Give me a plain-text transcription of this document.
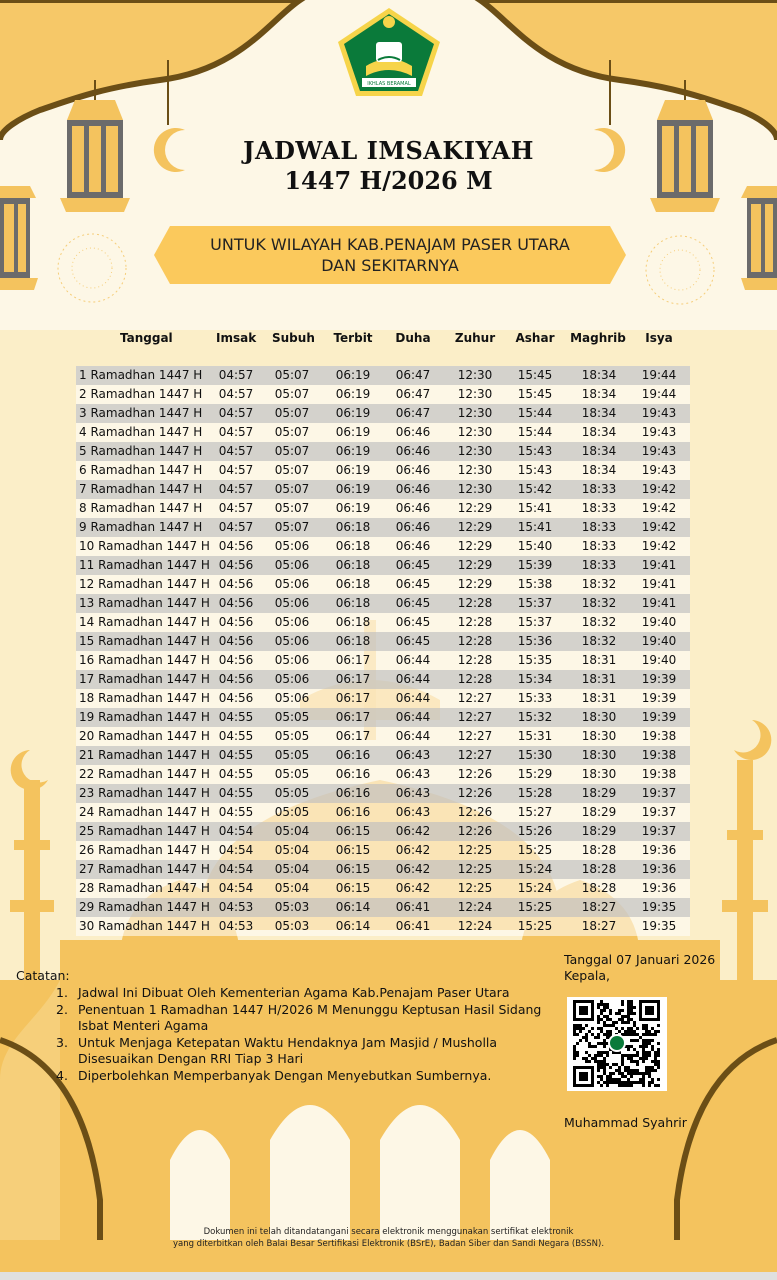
IKHLAS BERAMAL
JADWAL IMSAKIYAH
1447 H/2026 M
UNTUK WILAYAH KAB.PENAJAM PASER UTARA DAN SEKITARNYA
Tanggal	Imsak Subuh Terbit Duha Zuhur Ashar Maghrib	Isya
1 Ramadhan 1447 H 04:57 05:07	06:19	06:47	12:30	15:45	18:34	19:44
2 Ramadhan 1447 H 04:57 05:07	06:19	06:47	12:30	15:45	18:34	19:44
3 Ramadhan 1447 H 04:57 05:07	06:19	06:47	12:30	15:44	18:34	19:43
4 Ramadhan 1447 H 04:57 05:07	06:19	06:46	12:30	15:44	18:34	19:43
5 Ramadhan 1447 H 04:57 05:07	06:19	06:46	12:30	15:43	18:34	19:43
6 Ramadhan 1447 H 04:57 05:07	06:19	06:46	12:30	15:43	18:34	19:43
7 Ramadhan 1447 H 04:57 05:07	06:19	06:46	12:30	15:42	18:33	19:42
8 Ramadhan 1447 H 04:57 05:07	06:19	06:46	12:29	15:41	18:33	19:42
9 Ramadhan 1447 H 04:57 05:07	06:18	06:46	12:29	15:41	18:33	19:42
10 Ramadhan 1447 H 04:56 05:06	06:18	06:46	12:29	15:40	18:33	19:42
11 Ramadhan 1447 H 04:56 05:06	06:18	06:45	12:29	15:39	18:33	19:41
12 Ramadhan 1447 H 04:56 05:06	06:18	06:45	12:29	15:38	18:32	19:41
13 Ramadhan 1447 H 04:56 05:06	06:18	06:45	12:28	15:37	18:32	19:41
14 Ramadhan 1447 H 04:56 05:06	06:18	06:45	12:28	15:37	18:32	19:40
15 Ramadhan 1447 H 04:56 05:06	06:18	06:45	12:28	15:36	18:32	19:40
16 Ramadhan 1447 H 04:56 05:06	06:17	06:44	12:28	15:35	18:31	19:40
17 Ramadhan 1447 H 04:56 05:06	06:17	06:44	12:28	15:34	18:31	19:39
18 Ramadhan 1447 H 04:56 05:06	06:17	06:44	12:27	15:33	18:31	19:39
19 Ramadhan 1447 H 04:55 05:05	06:17	06:44	12:27	15:32	18:30	19:39
20 Ramadhan 1447 H 04:55 05:05	06:17	06:44	12:27	15:31	18:30	19:38
21 Ramadhan 1447 H 04:55 05:05	06:16	06:43	12:27	15:30	18:30	19:38
22 Ramadhan 1447 H 04:55 05:05	06:16	06:43	12:26	15:29	18:30	19:38
23 Ramadhan 1447 H 04:55 05:05	06:16	06:43	12:26	15:28	18:29	19:37
24 Ramadhan 1447 H 04:55 05:05	06:16	06:43	12:26	15:27	18:29	19:37
25 Ramadhan 1447 H 04:54 05:04	06:15	06:42	12:26	15:26	18:29	19:37
26 Ramadhan 1447 H 04:54 05:04	06:15	06:42	12:25	15:25	18:28	19:36
27 Ramadhan 1447 H 04:54 05:04	06:15	06:42	12:25	15:24	18:28	19:36
28 Ramadhan 1447 H 04:54 05:04	06:15	06:42	12:25	15:24	18:28	19:36
29 Ramadhan 1447 H 04:53 05:03	06:14	06:41	12:24	15:25	18:27	19:35
30 Ramadhan 1447 H 04:53 05:03	06:14	06:41	12:24	15:25	18:27	19:35
Catatan:
1. Jadwal Ini Dibuat Oleh Kementerian Agama Kab.Penajam Paser Utara
2. Penentuan 1 Ramadhan 1447 H/2026 M Menunggu Keptusan Hasil Sidang Isbat Menteri Agama
3. Untuk Menjaga Ketepatan Waktu Hendaknya Jam Masjid / Musholla Disesuaikan Dengan RRI Tiap 3 Hari
4. Diperbolehkan Memperbanyak Dengan Menyebutkan Sumbernya.
Tanggal 07 Januari 2026
Kepala,
Muhammad Syahrir
Dokumen ini telah ditandatangani secara elektronik menggunakan sertifikat elektronik
yang diterbitkan oleh Balai Besar Sertifikasi Elektronik (BSrE), Badan Siber dan Sandi Negara (BSSN).
